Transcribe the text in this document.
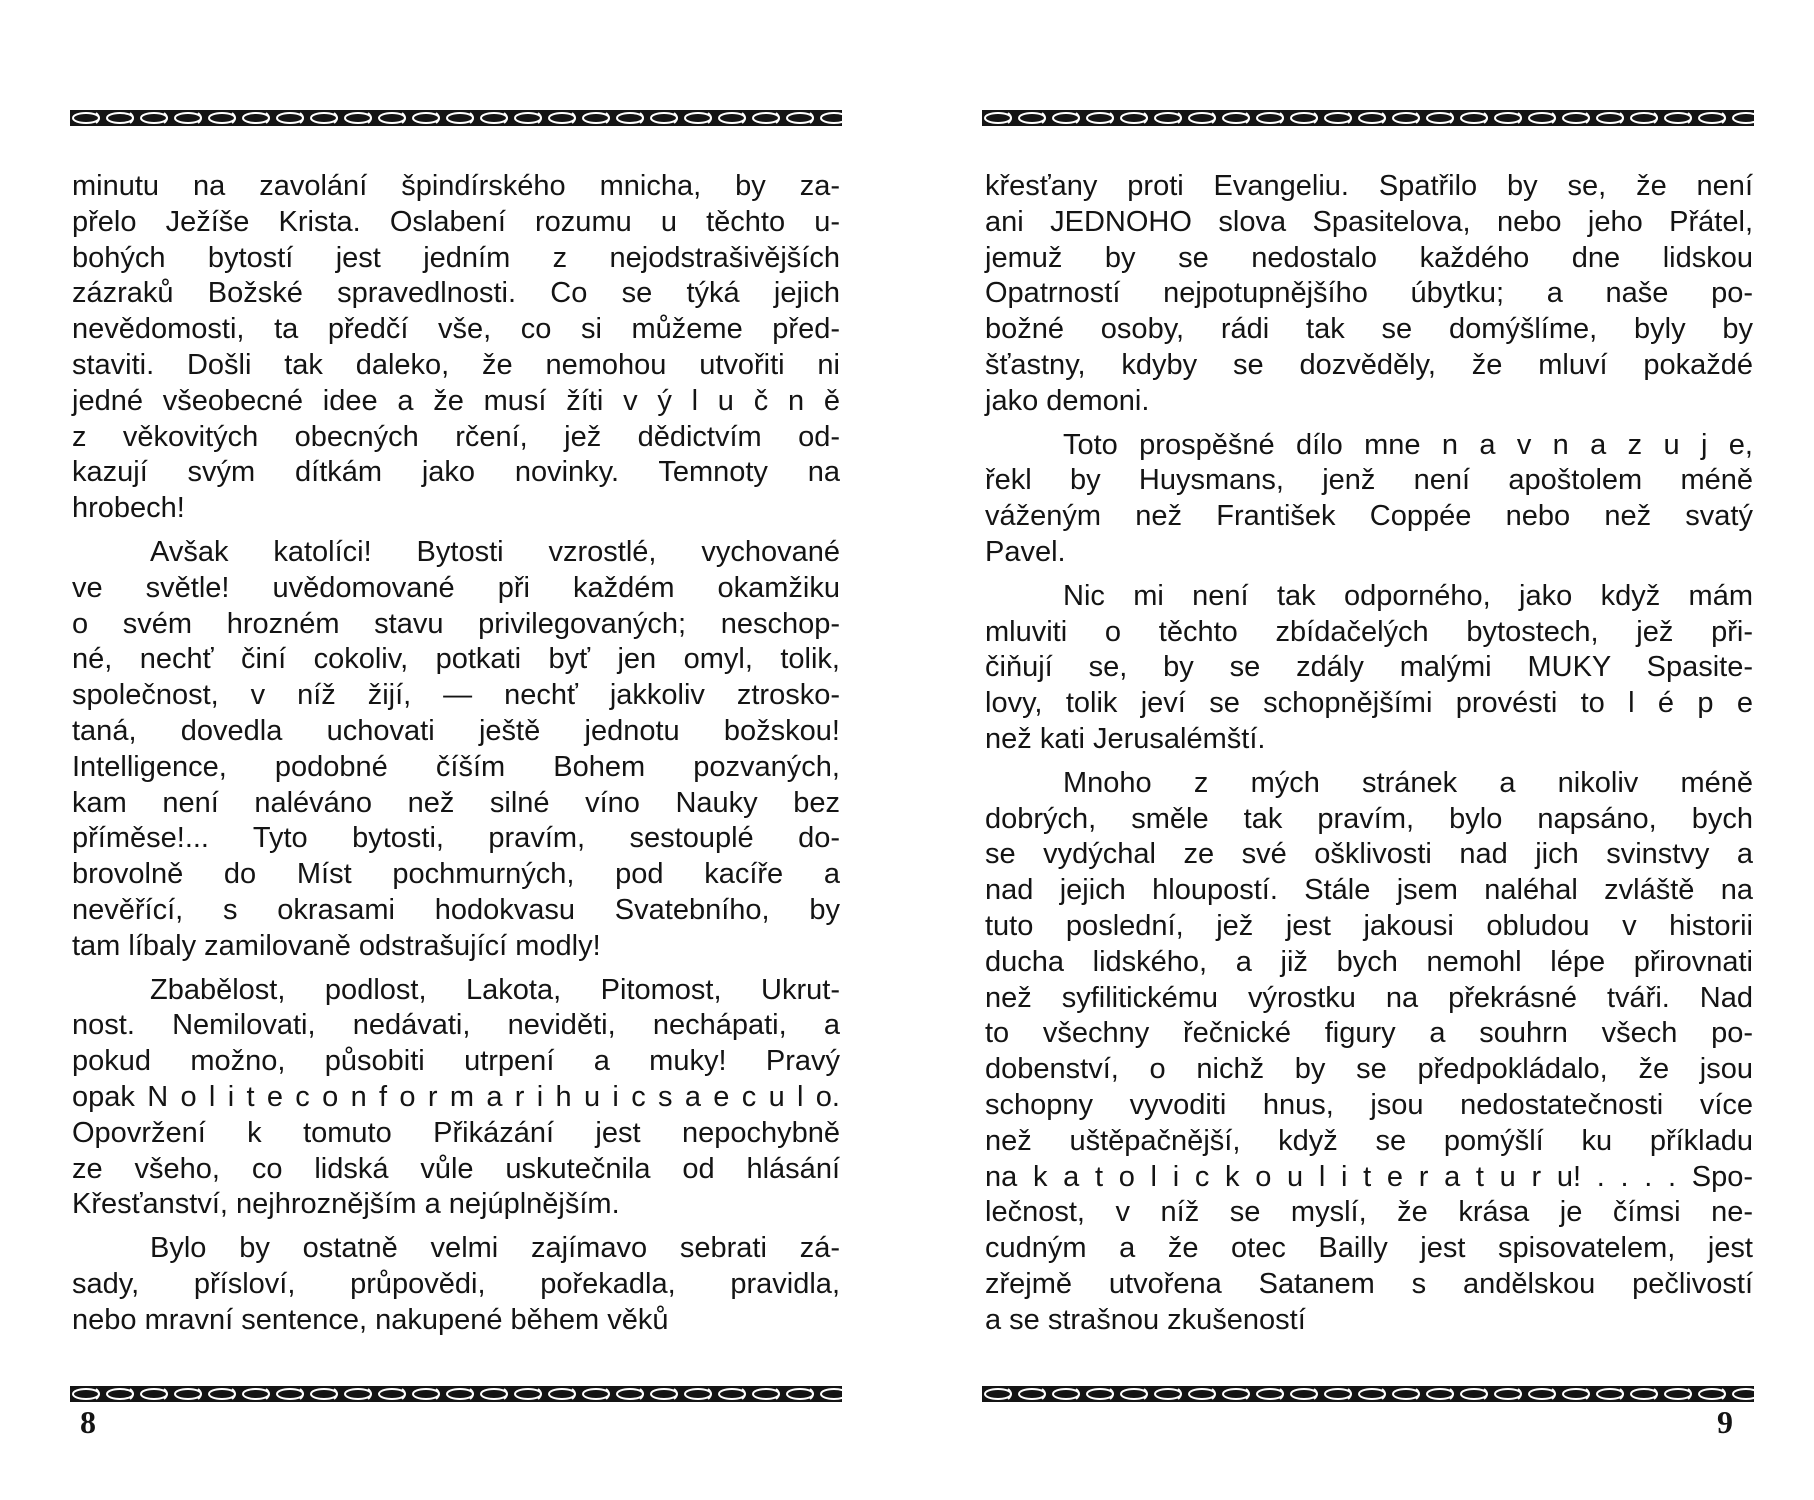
minutu na zavolání špindírského mnicha, by za-
přelo Ježíše Krista. Oslabení rozumu u těchto u-
bohých bytostí jest jedním z nejodstrašivějších
zázraků Božské spravedlnosti. Co se týká jejich
nevědomosti, ta předčí vše, co si můžeme před-
staviti. Došli tak daleko, že nemohou utvořiti ni
jedné všeobecné idee a že musí žíti v ý l u č n ě
z věkovitých obecných rčení, jež dědictvím od-
kazují svým dítkám jako novinky. Temnoty na
hrobech!
Avšak katolíci! Bytosti vzrostlé, vychované
ve světle! uvědomované při každém okamžiku
o svém hrozném stavu privilegovaných; neschop-
né, nechť činí cokoliv, potkati byť jen omyl, tolik,
společnost, v níž žijí, — nechť jakkoliv ztrosko-
taná, dovedla uchovati ještě jednotu božskou!
Intelligence, podobné číším Bohem pozvaných,
kam není naléváno než silné víno Nauky bez
příměse!... Tyto bytosti, pravím, sestouplé do-
brovolně do Míst pochmurných, pod kacíře a
nevěřící, s okrasami hodokvasu Svatebního, by
tam líbaly zamilovaně odstrašující modly!
Zbabělost, podlost, Lakota, Pitomost, Ukrut-
nost. Nemilovati, nedávati, neviděti, nechápati, a
pokud možno, působiti utrpení a muky! Pravý
opak N o l i t e c o n f o r m a r i h u i c s a e c u l o.
Opovržení k tomuto Přikázání jest nepochybně
ze všeho, co lidská vůle uskutečnila od hlásání
Křesťanství, nejhroznějším a nejúplnějším.
Bylo by ostatně velmi zajímavo sebrati zá-
sady, přísloví, průpovědi, pořekadla, pravidla,
nebo mravní sentence, nakupené během věků
8
křesťany proti Evangeliu. Spatřilo by se, že není
ani JEDNOHO slova Spasitelova, nebo jeho Přátel,
jemuž by se nedostalo každého dne lidskou
Opatrností nejpotupnějšího úbytku; a naše po-
božné osoby, rádi tak se domýšlíme, byly by
šťastny, kdyby se dozvěděly, že mluví pokaždé
jako demoni.
Toto prospěšné dílo mne n a v n a z u j e,
řekl by Huysmans, jenž není apoštolem méně
váženým než František Coppée nebo než svatý
Pavel.
Nic mi není tak odporného, jako když mám
mluviti o těchto zbídačelých bytostech, jež při-
čiňují se, by se zdály malými MUKY Spasite-
lovy, tolik jeví se schopnějšími provésti to l é p e
než kati Jerusalémští.
Mnoho z mých stránek a nikoliv méně
dobrých, směle tak pravím, bylo napsáno, bych
se vydýchal ze své ošklivosti nad jich svinstvy a
nad jejich hloupostí. Stále jsem naléhal zvláště na
tuto poslední, jež jest jakousi obludou v historii
ducha lidského, a již bych nemohl lépe přirovnati
než syfilitickému výrostku na překrásné tváři. Nad
to všechny řečnické figury a souhrn všech po-
dobenství, o nichž by se předpokládalo, že jsou
schopny vyvoditi hnus, jsou nedostatečnosti více
než uštěpačnější, když se pomýšlí ku příkladu
na k a t o l i c k o u l i t e r a t u r u! . . . . Spo-
lečnost, v níž se myslí, že krása je čímsi ne-
cudným a že otec Bailly jest spisovatelem, jest
zřejmě utvořena Satanem s andělskou pečlivostí
a se strašnou zkušeností
9
